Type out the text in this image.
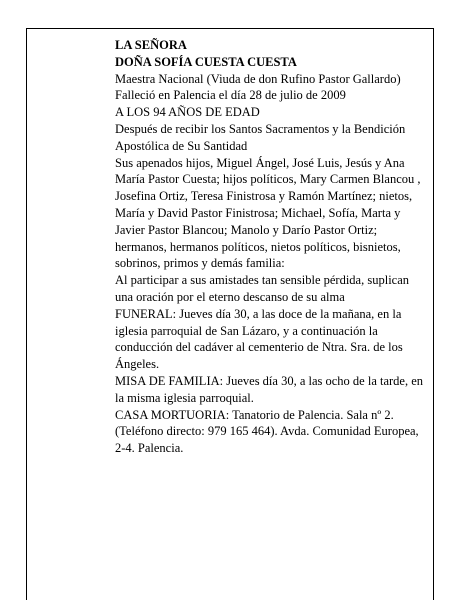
LA SEÑORA

DOÑA SOFÍA CUESTA CUESTA

Maestra Nacional (Viuda de don Rufino Pastor Gallardo)

Falleció en Palencia el día 28 de julio de 2009

A LOS 94 AÑOS DE EDAD

Después de recibir los Santos Sacramentos y la Bendición Apostólica de Su Santidad

Sus apenados hijos, Miguel Ángel, José Luis, Jesús y Ana María Pastor Cuesta; hijos políticos, Mary Carmen Blancou , Josefina Ortiz, Teresa Finistrosa y Ramón Martínez; nietos, María y David Pastor Finistrosa; Michael, Sofía, Marta y Javier Pastor Blancou; Manolo y Darío Pastor Ortiz; hermanos, hermanos políticos, nietos políticos, bisnietos, sobrinos, primos y demás familia:

Al participar a sus amistades tan sensible pérdida, suplican una oración por el eterno descanso de su alma

FUNERAL: Jueves día 30, a las doce de la mañana, en la iglesia parroquial de San Lázaro, y a continuación la conducción del cadáver al cementerio de Ntra. Sra. de los Ángeles.

MISA DE FAMILIA: Jueves día 30, a las ocho de la tarde, en la misma iglesia parroquial.

CASA MORTUORIA: Tanatorio de Palencia. Sala nº 2. (Teléfono directo: 979 165 464). Avda. Comunidad Europea, 2-4. Palencia.
